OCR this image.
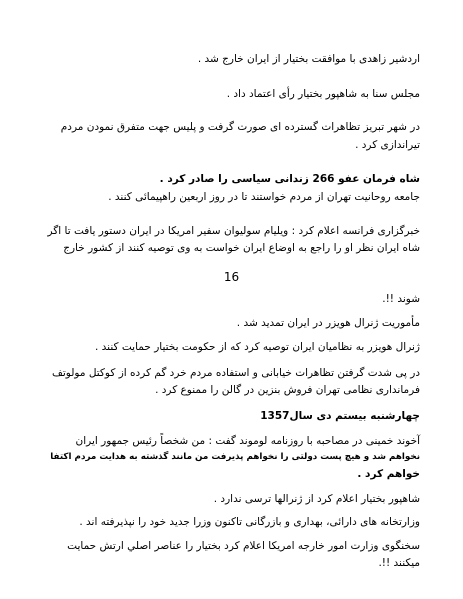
اردشیر زاهدی با موافقت بختیار از ایران خارج شد .
مجلس سنا به شاهپور بختیار رأی اعتماد داد .
در شهر تبریز تظاهرات گسترده ای صورت گرفت و پلیس جهت متفرق نمودن مردم
تیراندازی کرد .
شاه فرمان عفو 266 زندانی سیاسی را صادر کرد .
جامعه روحانیت تهران از مردم خواستند تا در روز اربعین راهپیمائی کنند .
خبرگزاری فرانسه اعلام کرد : ویلیام سولیوان سفیر امریکا در ایران دستور یافت تا اگر
شاه ایران نظر او را راجع به اوضاع ایران خواست به وی توصیه کنند از کشور خارج
16
شوند !!.
مأموریت ژنرال هویزر در ایران تمدید شد .
ژنرال هویزر به نظامیان ایران توصیه کرد که از حکومت بختیار حمایت کنند .
در پی شدت گرفتن تظاهرات خیابانی و استفاده مردم خرد گم کرده از کوکتل مولوتف
فرمانداری نظامی تهران فروش بنزین در گالن را ممنوع کرد .
چهارشنبه بیستم دی سال1357
آخوند خمینی در مصاحبه با روزنامه لوموند گفت : من شخصاً رئیس جمهور ایران
نخواهم شد و هیچ پست دولتی را نخواهم پذیرفت من مانند گذشته به هدایت مردم اکتفا
خواهم کرد .
شاهپور بختیار اعلام کرد از ژنرالها ترسی ندارد .
وزارتخانه های دارائی، بهداری و بازرگانی تاکنون وزرا جدید خود را نپذیرفته اند .
سخنگوی وزارت امور خارجه امریکا اعلام کرد بختیار را عناصر اصلي ارتش حمايت
میکنند !!.
